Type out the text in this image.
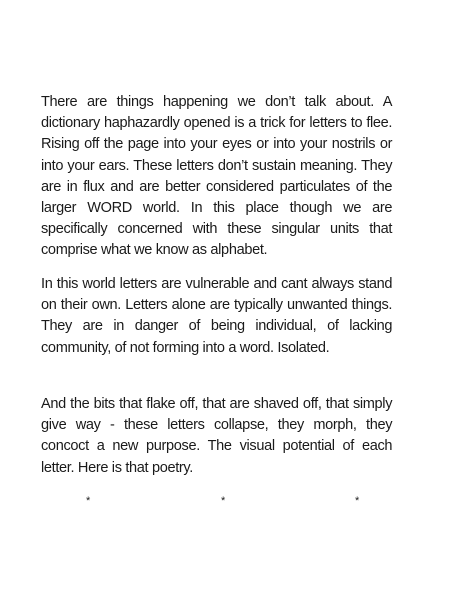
There are things happening we don’t talk about. A dictionary haphazardly opened is a trick for letters to flee. Rising off the page into your eyes or into your nostrils or into your ears. These letters don’t sustain meaning. They are in flux and are better considered particulates of the larger WORD world. In this place though we are specifically concerned with these singular units that comprise what we know as alphabet.

In this world letters are vulnerable and cant always stand on their own. Letters alone are typically unwanted things. They are in danger of being individual, of lacking community, of not forming into a word. Isolated.

And the bits that flake off, that are shaved off, that simply give way - these letters collapse, they morph, they concoct a new purpose. The visual potential of each letter. Here is that poetry.

*	*	*
